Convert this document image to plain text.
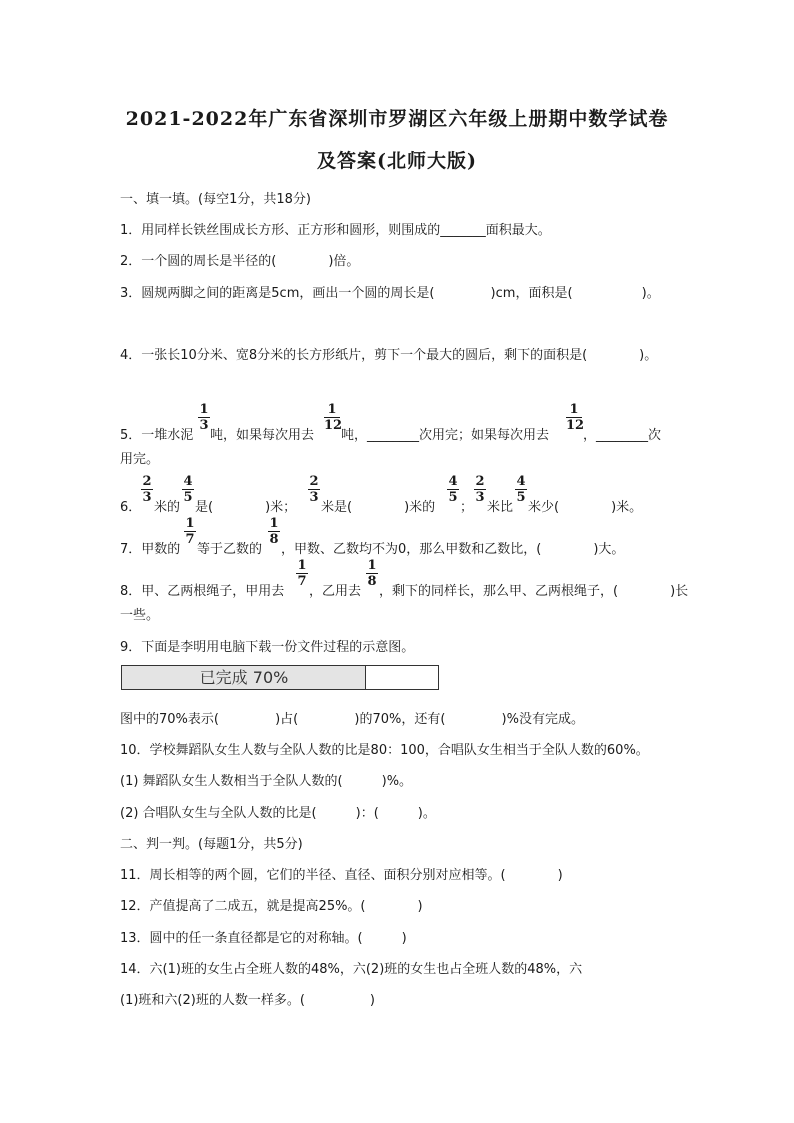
2021-2022年广东省深圳市罗湖区六年级上册期中数学试卷
及答案(北师大版)
一、填一填。(每空1分，共18分)
1．用同样长铁丝围成长方形、正方形和圆形，则围成的_______面积最大。
2．一个圆的周长是半径的(　　　　)倍。
3．圆规两脚之间的距离是5cm，画出一个圆的周长是(　　　　 )cm，面积是(　　　　　 )。
4．一张长10分米、宽8分米的长方形纸片，剪下一个最大的圆后，剩下的面积是(　　　　)。
5．一堆水泥
1
3
吨，如果每次用去
1
12
吨，________次用完；如果每次用去
1
12
，________次
用完。
6．
2
3
米的
4
5
是(　　　　)米；
2
3
米是(　　　　)米的
4
5
；
2
3
米比
4
5
米少(　　　　)米。
7．甲数的
1
7
等于乙数的
1
8
，甲数、乙数均不为0，那么甲数和乙数比，(　　　　)大。
8．甲、乙两根绳子，甲用去
1
7
，乙用去
1
8
，剩下的同样长，那么甲、乙两根绳子，(　　　　)长
一些。
9．下面是李明用电脑下载一份文件过程的示意图。
已完成 70%
图中的70%表示(　　　　 )占(　　　　 )的70%，还有(　　　　 )%没有完成。
10．学校舞蹈队女生人数与全队人数的比是80：100，合唱队女生相当于全队人数的60%。
(1) 舞蹈队女生人数相当于全队人数的(　　　)%。
(2) 合唱队女生与全队人数的比是(　　　)：(　　　)。
二、判一判。(每题1分，共5分)
11．周长相等的两个圆，它们的半径、直径、面积分别对应相等。(　　　　)
12．产值提高了二成五，就是提高25%。(　　　　)
13．圆中的任一条直径都是它的对称轴。(　　　)
14．六(1)班的女生占全班人数的48%，六(2)班的女生也占全班人数的48%，六
(1)班和六(2)班的人数一样多。(　　　　　)
